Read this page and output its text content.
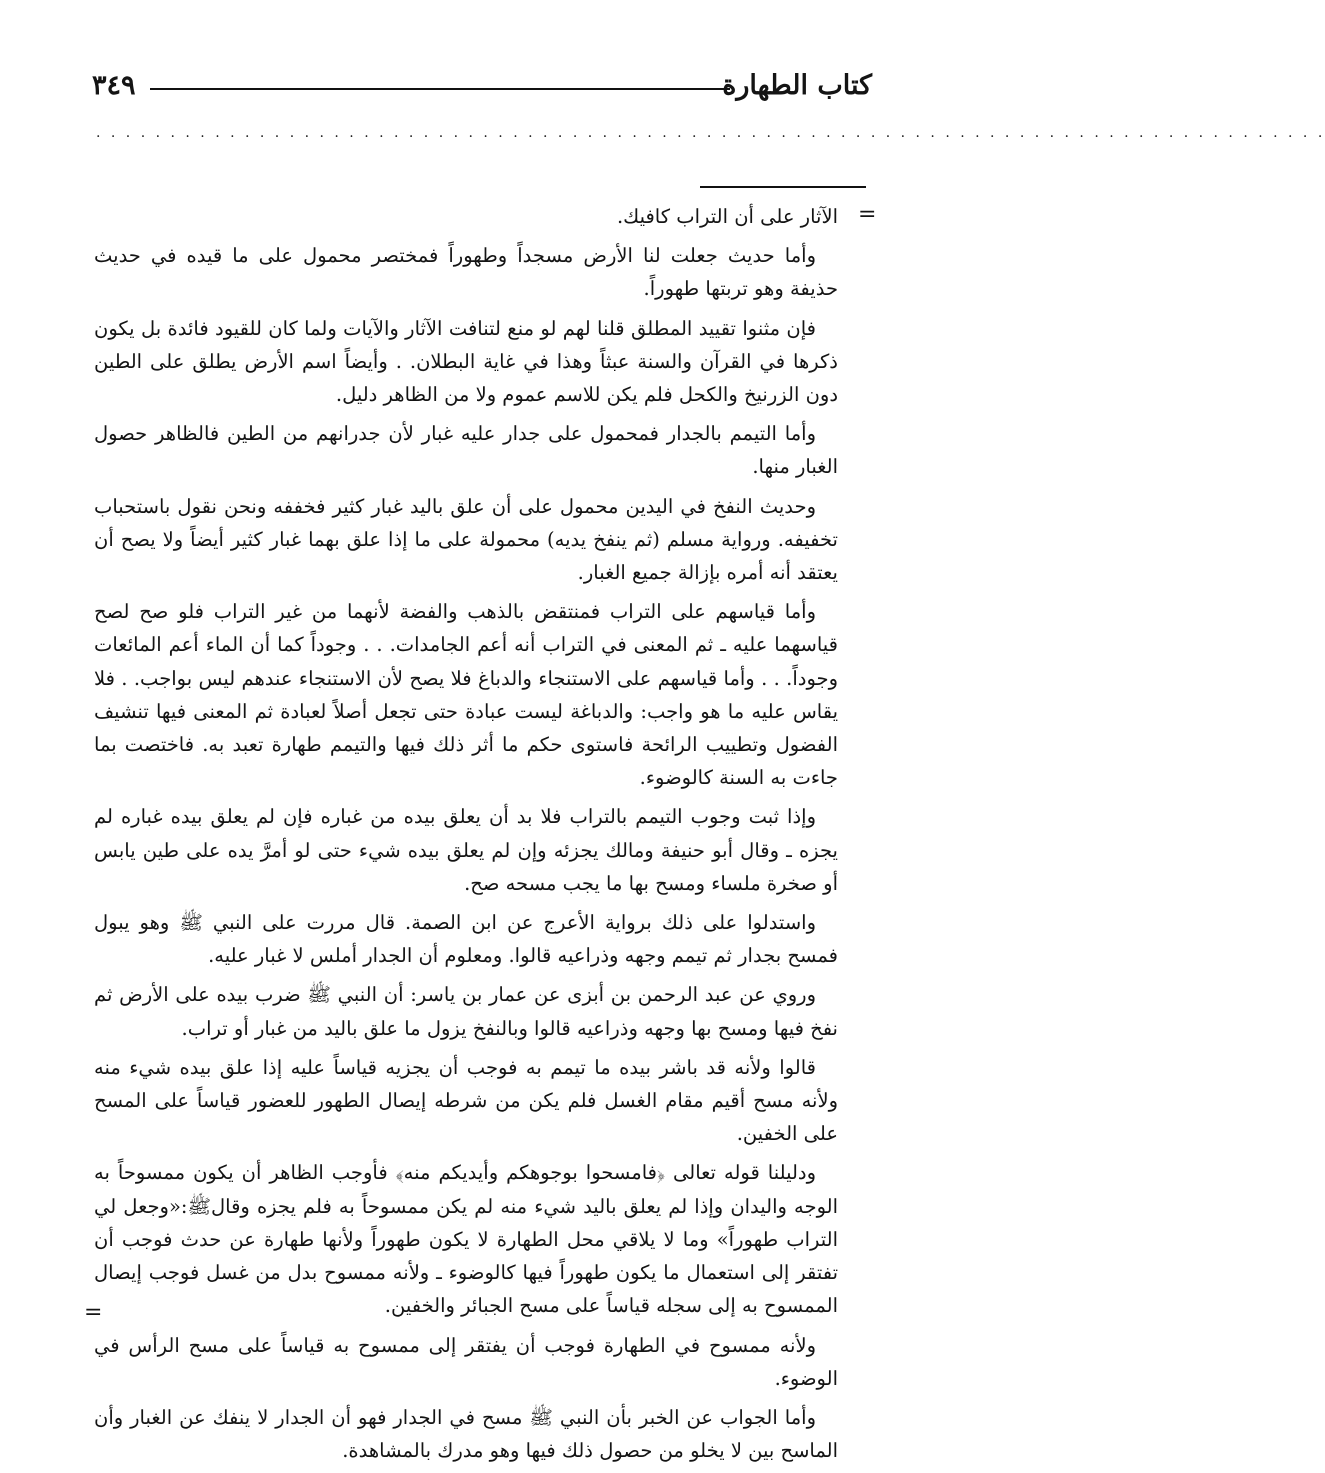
كتاب الطهارة
٣٤٩
. . . . . . . . . . . . . . . . . . . . . . . . . . . . . . . . . . . . . . . . . . . . . . . . . . . . . . . . . . . . . . . . . . . . . . . . . . . . . . . . . . .
=

الآثار على أن التراب كافيك.

وأما حديث جعلت لنا الأرض مسجداً وطهوراً فمختصر محمول على ما قيده في حديث حذيفة وهو تربتها طهوراً.

فإن مثنوا تقييد المطلق قلنا لهم لو منع لتنافت الآثار والآيات ولما كان للقيود فائدة بل يكون ذكرها في القرآن والسنة عبثاً وهذا في غاية البطلان. . وأيضاً اسم الأرض يطلق على الطين دون الزرنيخ والكحل فلم يكن للاسم عموم ولا من الظاهر دليل.

وأما التيمم بالجدار فمحمول على جدار عليه غبار لأن جدرانهم من الطين فالظاهر حصول الغبار منها.

وحديث النفخ في اليدين محمول على أن علق باليد غبار كثير فخففه ونحن نقول باستحباب تخفيفه. ورواية مسلم (ثم ينفخ يديه) محمولة على ما إذا علق بهما غبار كثير أيضاً ولا يصح أن يعتقد أنه أمره بإزالة جميع الغبار.

وأما قياسهم على التراب فمنتقض بالذهب والفضة لأنهما من غير التراب فلو صح لصح قياسهما عليه ـ ثم المعنى في التراب أنه أعم الجامدات. . . وجوداً كما أن الماء أعم المائعات وجوداً. . . وأما قياسهم على الاستنجاء والدباغ فلا يصح لأن الاستنجاء عندهم ليس بواجب. . فلا يقاس عليه ما هو واجب: والدباغة ليست عبادة حتى تجعل أصلاً لعبادة ثم المعنى فيها تنشيف الفضول وتطييب الرائحة فاستوى حكم ما أثر ذلك فيها والتيمم طهارة تعبد به. فاختصت بما جاءت به السنة كالوضوء.

وإذا ثبت وجوب التيمم بالتراب فلا بد أن يعلق بيده من غباره فإن لم يعلق بيده غباره لم يجزه ـ وقال أبو حنيفة ومالك يجزئه وإن لم يعلق بيده شيء حتى لو أمرَّ يده على طين يابس أو صخرة ملساء ومسح بها ما يجب مسحه صح.

واستدلوا على ذلك برواية الأعرج عن ابن الصمة. قال مررت على النبي ﷺ وهو يبول فمسح بجدار ثم تيمم وجهه وذراعيه قالوا. ومعلوم أن الجدار أملس لا غبار عليه.

وروي عن عبد الرحمن بن أبزى عن عمار بن ياسر: أن النبي ﷺ ضرب بيده على الأرض ثم نفخ فيها ومسح بها وجهه وذراعيه قالوا وبالنفخ يزول ما علق باليد من غبار أو تراب.

قالوا ولأنه قد باشر بيده ما تيمم به فوجب أن يجزيه قياساً عليه إذا علق بيده شيء منه ولأنه مسح أقيم مقام الغسل فلم يكن من شرطه إيصال الطهور للعضور قياساً على المسح على الخفين.

ودليلنا قوله تعالى ﴿فامسحوا بوجوهكم وأيديكم منه﴾ فأوجب الظاهر أن يكون ممسوحاً به الوجه واليدان وإذا لم يعلق باليد شيء منه لم يكن ممسوحاً به فلم يجزه وقالﷺ:«وجعل لي التراب طهوراً» وما لا يلاقي محل الطهارة لا يكون طهوراً ولأنها طهارة عن حدث فوجب أن تفتقر إلى استعمال ما يكون طهوراً فيها كالوضوء ـ ولأنه ممسوح بدل من غسل فوجب إيصال الممسوح به إلى سجله قياساً على مسح الجبائر والخفين.

ولأنه ممسوح في الطهارة فوجب أن يفتقر إلى ممسوح به قياساً على مسح الرأس في الوضوء.

وأما الجواب عن الخبر بأن النبي ﷺ مسح في الجدار فهو أن الجدار لا ينفك عن الغبار وأن الماسح بين لا يخلو من حصول ذلك فيها وهو مدرك بالمشاهدة.

=
